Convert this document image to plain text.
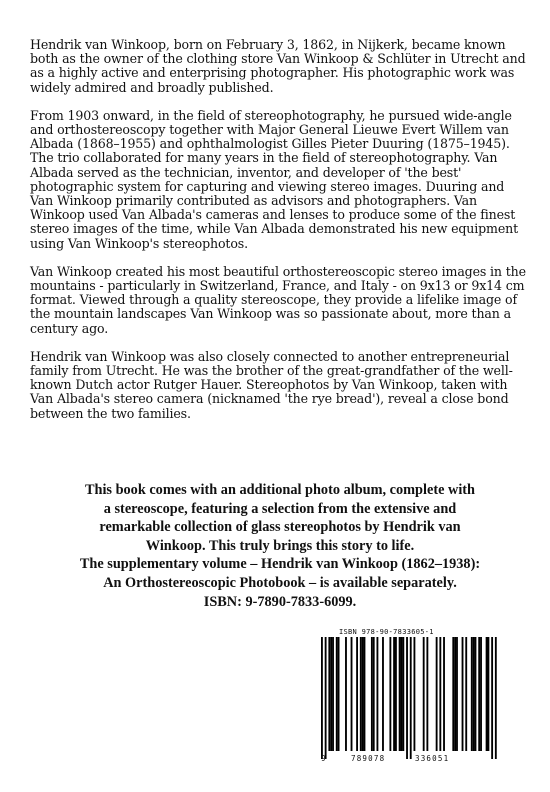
Hendrik van Winkoop, born on February 3, 1862, in Nijkerk, became known both as the owner of the clothing store Van Winkoop & Schlüter in Utrecht and as a highly active and enterprising photographer. His photographic work was widely admired and broadly published.

From 1903 onward, in the field of stereophotography, he pursued wide-angle and orthostereoscopy together with Major General Lieuwe Evert Willem van Albada (1868–1955) and ophthalmologist Gilles Pieter Duuring (1875–1945). The trio collaborated for many years in the field of stereophotography. Van Albada served as the technician, inventor, and developer of 'the best' photographic system for capturing and viewing stereo images. Duuring and Van Winkoop primarily contributed as advisors and photographers. Van Winkoop used Van Albada's cameras and lenses to produce some of the finest stereo images of the time, while Van Albada demonstrated his new equipment using Van Winkoop's stereophotos.

Van Winkoop created his most beautiful orthostereoscopic stereo images in the mountains - particularly in Switzerland, France, and Italy - on 9x13 or 9x14 cm format. Viewed through a quality stereoscope, they provide a lifelike image of the mountain landscapes Van Winkoop was so passionate about, more than a century ago.

Hendrik van Winkoop was also closely connected to another entrepreneurial family from Utrecht. He was the brother of the great-grandfather of the well-known Dutch actor Rutger Hauer. Stereophotos by Van Winkoop, taken with Van Albada's stereo camera (nicknamed 'the rye bread'), reveal a close bond between the two families.

This book comes with an additional photo album, complete with
a stereoscope, featuring a selection from the extensive and
remarkable collection of glass stereophotos by Hendrik van
Winkoop. This truly brings this story to life.
The supplementary volume – Hendrik van Winkoop (1862–1938):
An Orthostereoscopic Photobook – is available separately.
ISBN: 9-7890-7833-6099.
ISBN 978-90-7833605-1
9	789078	336051
